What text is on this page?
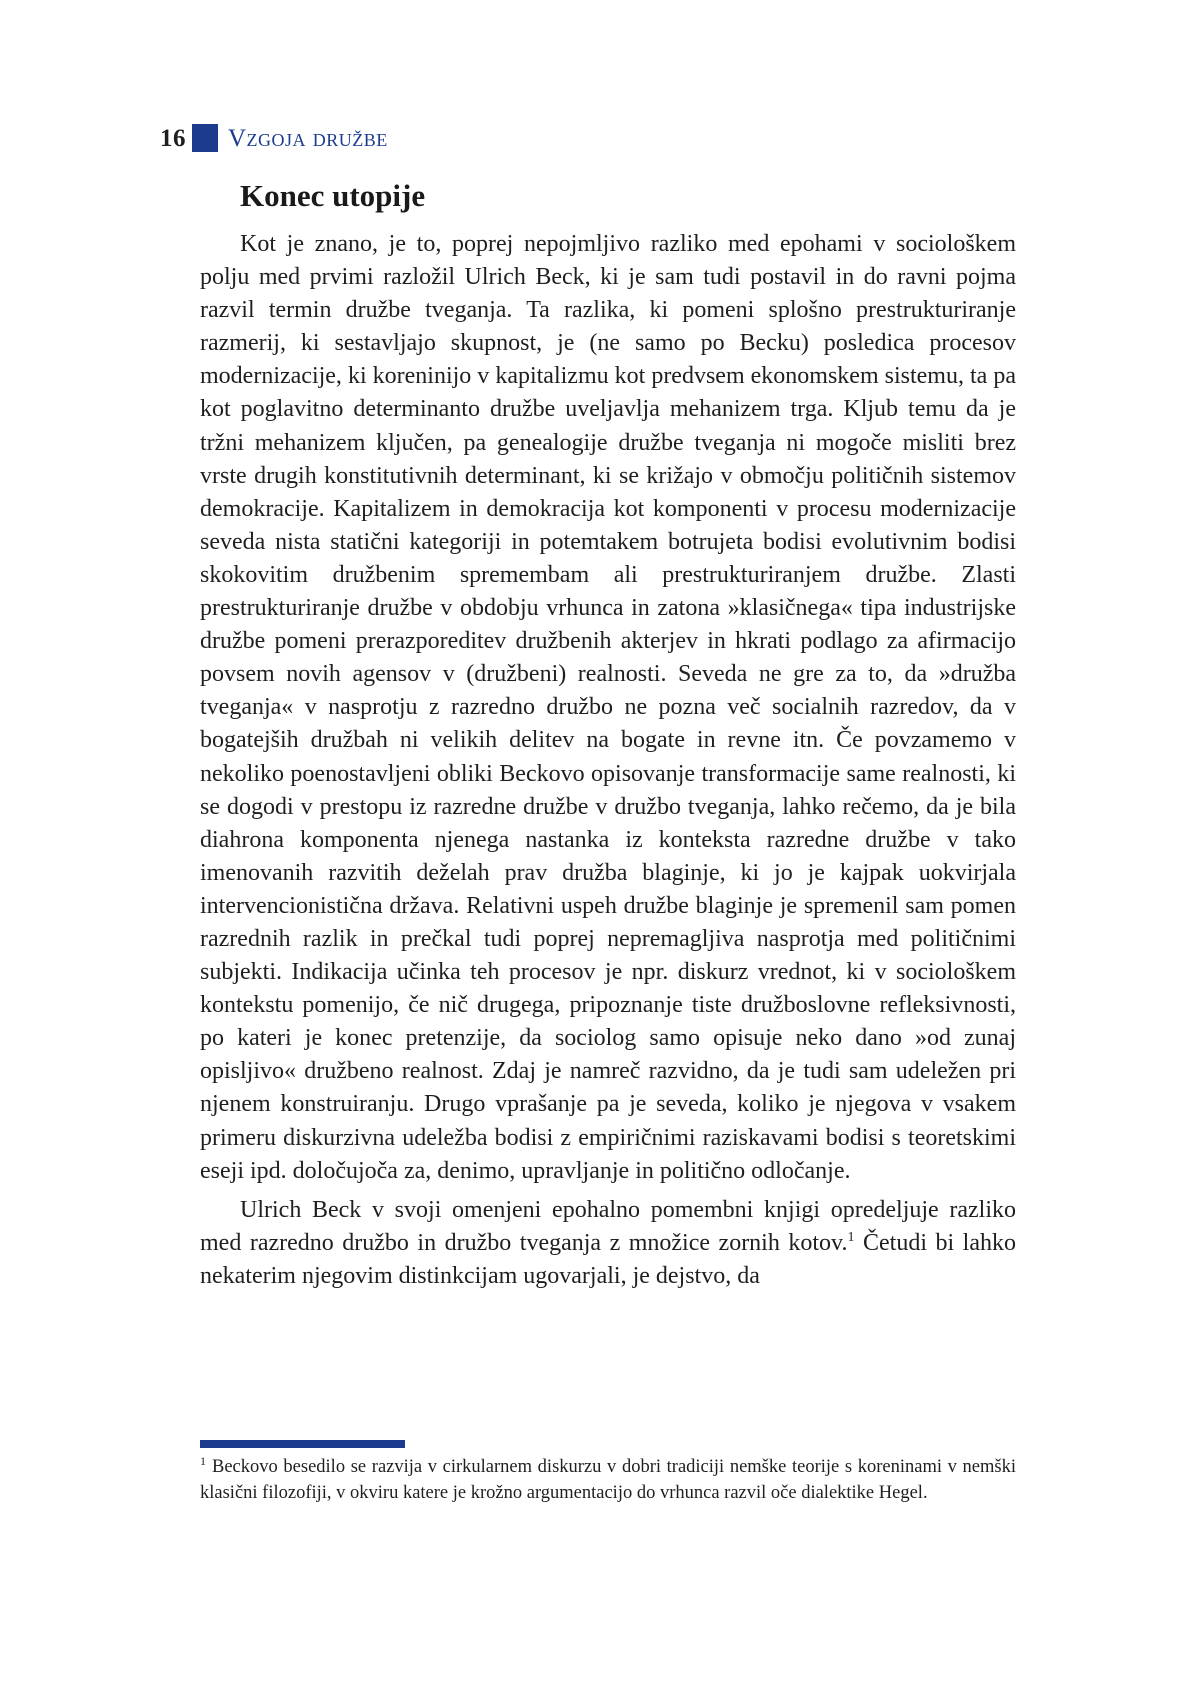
16 Vzgoja družbe
Konec utopije

Kot je znano, je to, poprej nepojmljivo razliko med epohami v sociološkem polju med prvimi razložil Ulrich Beck, ki je sam tudi postavil in do ravni pojma razvil termin družbe tveganja. Ta razlika, ki pomeni splošno prestrukturiranje razmerij, ki sestavljajo skupnost, je (ne samo po Becku) posledica procesov modernizacije, ki koreninijo v kapitalizmu kot predvsem ekonomskem sistemu, ta pa kot poglavitno determinanto družbe uveljavlja mehanizem trga. Kljub temu da je tržni mehanizem ključen, pa genealogije družbe tveganja ni mogoče misliti brez vrste drugih konstitutivnih determinant, ki se križajo v območju političnih sistemov demokracije. Kapitalizem in demokracija kot komponenti v procesu modernizacije seveda nista statični kategoriji in potemtakem botrujeta bodisi evolutivnim bodisi skokovitim družbenim spremembam ali prestrukturiranjem družbe. Zlasti prestrukturiranje družbe v obdobju vrhunca in zatona »klasičnega« tipa industrijske družbe pomeni prerazporeditev družbenih akterjev in hkrati podlago za afirmacijo povsem novih agensov v (družbeni) realnosti. Seveda ne gre za to, da »družba tveganja« v nasprotju z razredno družbo ne pozna več socialnih razredov, da v bogatejših družbah ni velikih delitev na bogate in revne itn. Če povzamemo v nekoliko poenostavljeni obliki Beckovo opisovanje transformacije same realnosti, ki se dogodi v prestopu iz razredne družbe v družbo tveganja, lahko rečemo, da je bila diahrona komponenta njenega nastanka iz konteksta razredne družbe v tako imenovanih razvitih deželah prav družba blaginje, ki jo je kajpak uokvirjala intervencionistična država. Relativni uspeh družbe blaginje je spremenil sam pomen razrednih razlik in prečkal tudi poprej nepremagljiva nasprotja med političnimi subjekti. Indikacija učinka teh procesov je npr. diskurz vrednot, ki v sociološkem kontekstu pomenijo, če nič drugega, pripoznanje tiste družboslovne refleksivnosti, po kateri je konec pretenzije, da sociolog samo opisuje neko dano »od zunaj opisljivo« družbeno realnost. Zdaj je namreč razvidno, da je tudi sam udeležen pri njenem konstruiranju. Drugo vprašanje pa je seveda, koliko je njegova v vsakem primeru diskurzivna udeležba bodisi z empiričnimi raziskavami bodisi s teoretskimi eseji ipd. določujoča za, denimo, upravljanje in politično odločanje.

Ulrich Beck v svoji omenjeni epohalno pomembni knjigi opredeljuje razliko med razredno družbo in družbo tveganja z množice zornih kotov.$^1$ Četudi bi lahko nekaterim njegovim distinkcijam ugovarjali, je dejstvo, da

$^1$ Beckovo besedilo se razvija v cirkularnem diskurzu v dobri tradiciji nemške teorije s koreninami v nemški klasični filozofiji, v okviru katere je krožno argumentacijo do vrhunca razvil oče dialektike Hegel.
